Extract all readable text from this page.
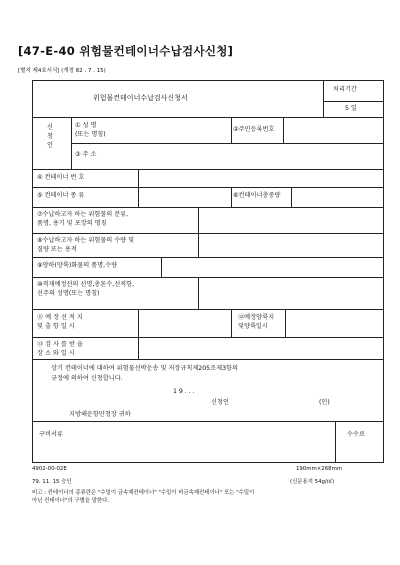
[47-E-40 위험물컨테이너수납검사신청]
[별지 제4호서식] (개정 82 . 7 . 15)
위험물컨테이너수납검사신청서
처리기간
5 일
신
청
인
① 성 명
(또는 명칭)
②주민등록번호
③ 주 소
④ 컨테이너 번 호
⑤ 컨테이너 종 류	⑥컨테이너총중량
⑦수납하고자 하는 위험물의 분류,
품명, 용기 및 포장의 명칭
⑧수납하고자 하는 위험물의 수량 및
질량 또는 용적
⑨양하(양륙)화물의 품명,수량
⑩적재예정선의 선명,총톤수,선적항,
선주의 성명(또는 명칭)
⑪ 예 정 선 적 지
및 출 항 일 시
⑫예정양륙지
및양륙일시
⑬ 검 사 를 받 을
장 소 와 일 시
상기 컨테이너에 대하여 위험물선박운송 및 저장규칙제205조제3항의
규정에 의하여 신청합니다.
1 9 . . .
신청인	(인)
지방해운항만청장 귀하
구비서류	수수료
4902-00-02E
79. 11. 15 승인
190mm×268mm
(신문용지 54g/㎡)
비고 : 컨테이너의 종류란은 "수밀이 금속제컨테이너" "수밀이 비금속제컨테이너" 또는 "수밀이
아닌 컨테이너"의 구별을 말한다.
